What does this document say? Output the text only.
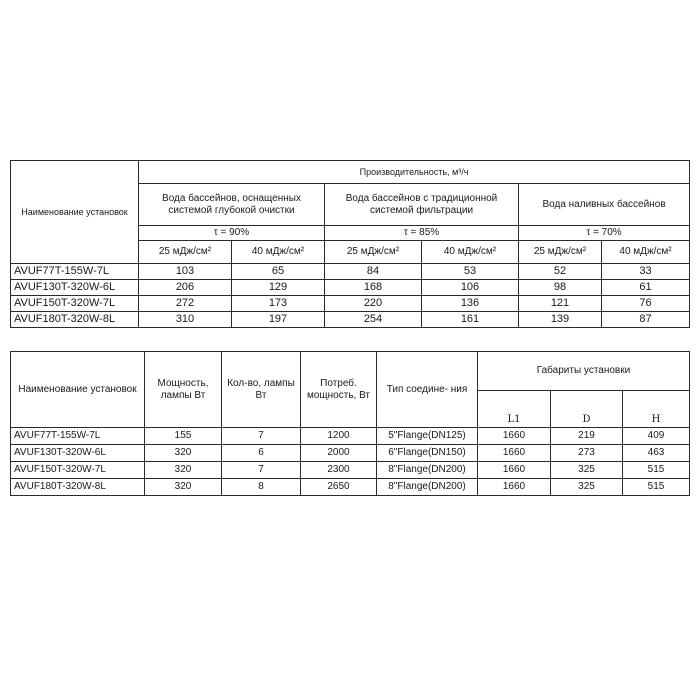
Наименование установок	Производительность, м³/ч					
	Вода бассейнов, оснащенных системой глубокой очистки		Вода бассейнов с традиционной системой фильтрации		Вода наливных бассейнов	
	τ = 90%		τ = 85%		τ = 70%	
	25 мДж/см²	40 мДж/см²	25 мДж/см²	40 мДж/см²	25 мДж/см²	40 мДж/см²
AVUF77T-155W-7L	103	65	84	53	52	33
AVUF130T-320W-6L	206	129	168	106	98	61
AVUF150T-320W-7L	272	173	220	136	121	76
AVUF180T-320W-8L	310	197	254	161	139	87
Наименование установок	Мощность, лампы Вт	Кол-во, лампы Вт	Потреб. мощность, Вт	Тип соедине- ния	Габариты установки		
					L1	D	H
AVUF77T-155W-7L	155	7	1200	5"Flange(DN125)	1660	219	409
AVUF130T-320W-6L	320	6	2000	6"Flange(DN150)	1660	273	463
AVUF150T-320W-7L	320	7	2300	8"Flange(DN200)	1660	325	515
AVUF180T-320W-8L	320	8	2650	8"Flange(DN200)	1660	325	515
